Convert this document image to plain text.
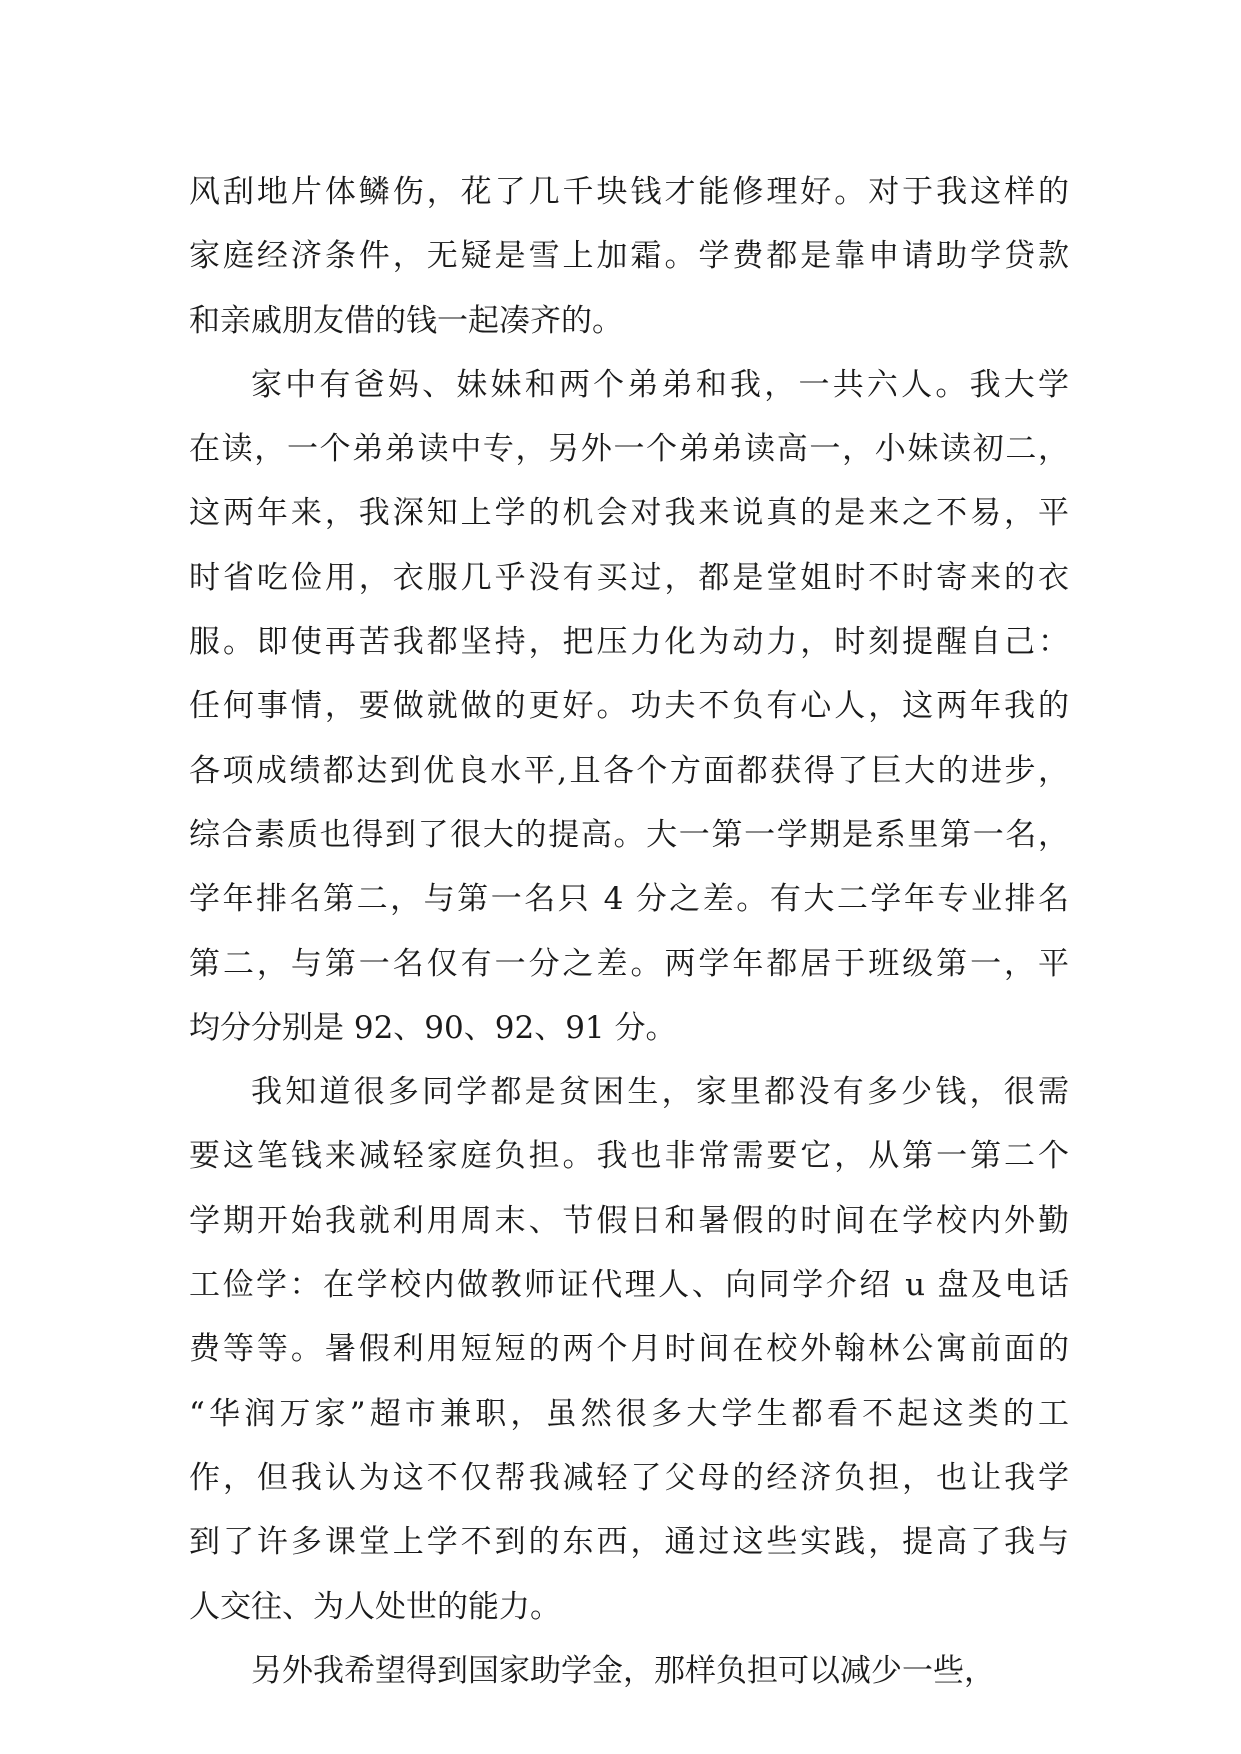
风刮地片体鳞伤，花了几千块钱才能修理好。对于我这样的
家庭经济条件，无疑是雪上加霜。学费都是靠申请助学贷款
和亲戚朋友借的钱一起凑齐的。
家中有爸妈、妹妹和两个弟弟和我，一共六人。我大学
在读，一个弟弟读中专，另外一个弟弟读高一，小妹读初二，
这两年来，我深知上学的机会对我来说真的是来之不易，平
时省吃俭用，衣服几乎没有买过，都是堂姐时不时寄来的衣
服。即使再苦我都坚持，把压力化为动力，时刻提醒自己：
任何事情，要做就做的更好。功夫不负有心人，这两年我的
各项成绩都达到优良水平,且各个方面都获得了巨大的进步，
综合素质也得到了很大的提高。大一第一学期是系里第一名，
学年排名第二，与第一名只 4 分之差。有大二学年专业排名
第二，与第一名仅有一分之差。两学年都居于班级第一，平
均分分别是 92、90、92、91 分。
我知道很多同学都是贫困生，家里都没有多少钱，很需
要这笔钱来减轻家庭负担。我也非常需要它，从第一第二个
学期开始我就利用周末、节假日和暑假的时间在学校内外勤
工俭学：在学校内做教师证代理人、向同学介绍 u 盘及电话
费等等。暑假利用短短的两个月时间在校外翰林公寓前面的
“华润万家”超市兼职，虽然很多大学生都看不起这类的工
作，但我认为这不仅帮我减轻了父母的经济负担，也让我学
到了许多课堂上学不到的东西，通过这些实践，提高了我与
人交往、为人处世的能力。
另外我希望得到国家助学金，那样负担可以减少一些，
